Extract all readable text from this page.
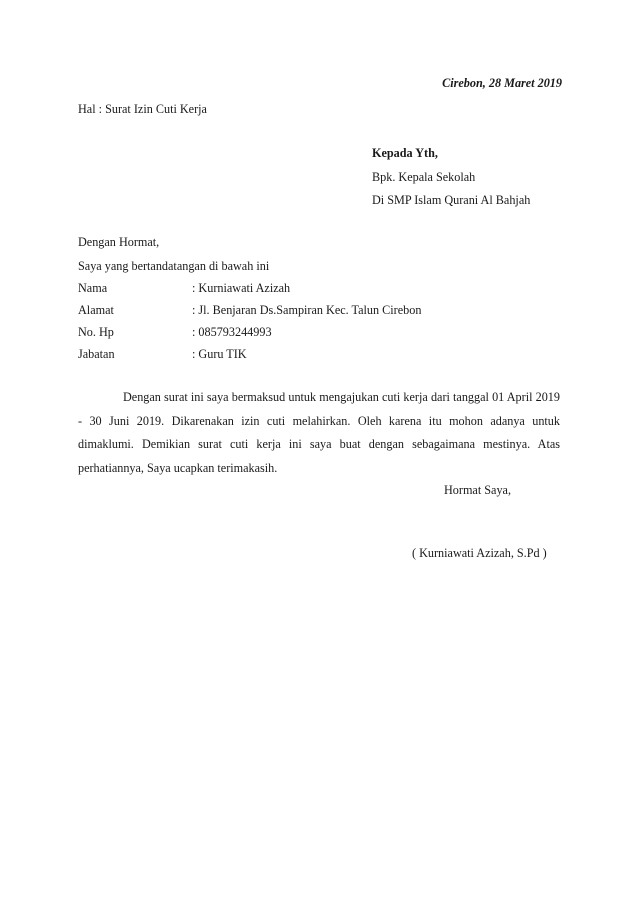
Cirebon, 28 Maret 2019
Hal : Surat Izin Cuti Kerja
Kepada Yth,
Bpk. Kepala Sekolah
Di SMP Islam Qurani Al Bahjah
Dengan Hormat,
Saya yang bertandatangan di bawah ini
Nama	: Kurniawati Azizah
Alamat	: Jl. Benjaran Ds.Sampiran Kec. Talun Cirebon
No. Hp	: 085793244993
Jabatan	: Guru TIK

Dengan surat ini saya bermaksud untuk mengajukan cuti kerja dari tanggal 01 April 2019 - 30 Juni 2019. Dikarenakan izin cuti melahirkan. Oleh karena itu mohon adanya untuk dimaklumi. Demikian surat cuti kerja ini saya buat dengan sebagaimana mestinya. Atas perhatiannya, Saya ucapkan terimakasih.

Hormat Saya,
( Kurniawati Azizah, S.Pd )
